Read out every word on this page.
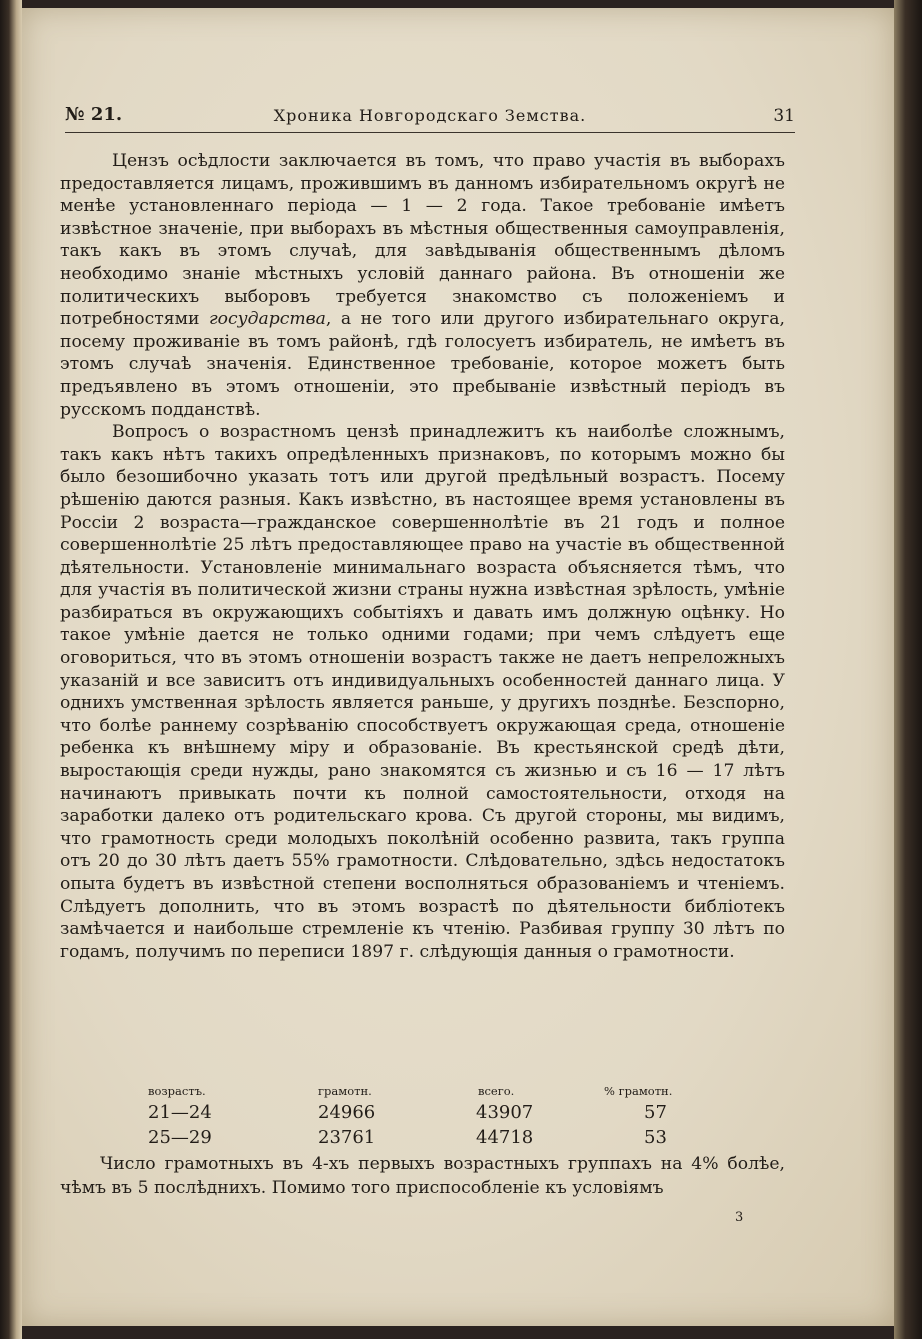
№ 21.	Хроника Новгородскаго Земства.	31

Цензъ осѣдлости заключается въ томъ, что право участія въ выборахъ предоставляется лицамъ, прожившимъ въ данномъ избирательномъ округѣ не менѣе установленнаго періода — 1 — 2 года. Такое требованіе имѣетъ извѣстное значеніе, при выборахъ въ мѣстныя общественныя самоуправленія, такъ какъ въ этомъ случаѣ, для завѣдыванія общественнымъ дѣломъ необходимо знаніе мѣстныхъ условій даннаго района. Въ отношеніи же политическихъ выборовъ требуется знакомство съ положеніемъ и потребностями государства, а не того или другого избирательнаго округа, посему проживаніе въ томъ районѣ, гдѣ голосуетъ избиратель, не имѣетъ въ этомъ случаѣ значенія. Единственное требованіе, которое можетъ быть предъявлено въ этомъ отношеніи, это пребываніе извѣстный періодъ въ русскомъ подданствѣ.

Вопросъ о возрастномъ цензѣ принадлежитъ къ наиболѣе сложнымъ, такъ какъ нѣтъ такихъ опредѣленныхъ признаковъ, по которымъ можно бы было безошибочно указать тотъ или другой предѣльный возрастъ. Посему рѣшенію даются разныя. Какъ извѣстно, въ настоящее время установлены въ Россіи 2 возраста—гражданское совершеннолѣтіе въ 21 годъ и полное совершеннолѣтіе 25 лѣтъ предоставляющее право на участіе въ общественной дѣятельности. Установленіе минимальнаго возраста объясняется тѣмъ, что для участія въ политической жизни страны нужна извѣстная зрѣлость, умѣніе разбираться въ окружающихъ событіяхъ и давать имъ должную оцѣнку. Но такое умѣніе дается не только одними годами; при чемъ слѣдуетъ еще оговориться, что въ этомъ отношеніи возрастъ также не даетъ непреложныхъ указаній и все зависитъ отъ индивидуальныхъ особенностей даннаго лица. У однихъ умственная зрѣлость является раньше, у другихъ позднѣе. Безспорно, что болѣе раннему созрѣванію способствуетъ окружающая среда, отношеніе ребенка къ внѣшнему міру и образованіе. Въ крестьянской средѣ дѣти, выростающія среди нужды, рано знакомятся съ жизнью и съ 16 — 17 лѣтъ начинаютъ привыкать почти къ полной самостоятельности, отходя на заработки далеко отъ родительскаго крова. Съ другой стороны, мы видимъ, что грамотность среди молодыхъ поколѣній особенно развита, такъ группа отъ 20 до 30 лѣтъ даетъ 55% грамотности. Слѣдовательно, здѣсь недостатокъ опыта будетъ въ извѣстной степени восполняться образованіемъ и чтеніемъ. Слѣдуетъ дополнить, что въ этомъ возрастѣ по дѣятельности библіотекъ замѣчается и наибольше стремленіе къ чтенію. Разбивая группу 30 лѣтъ по годамъ, получимъ по переписи 1897 г. слѣдующія данныя о грамотности.

возрастъ.	грамотн.	всего.	% грамотн.
21—24	24966	43907	57
25—29	23761	44718	53

Число грамотныхъ въ 4-хъ первыхъ возрастныхъ группахъ на 4% болѣе, чѣмъ въ 5 послѣднихъ. Помимо того приспособленіе къ условіямъ

3
